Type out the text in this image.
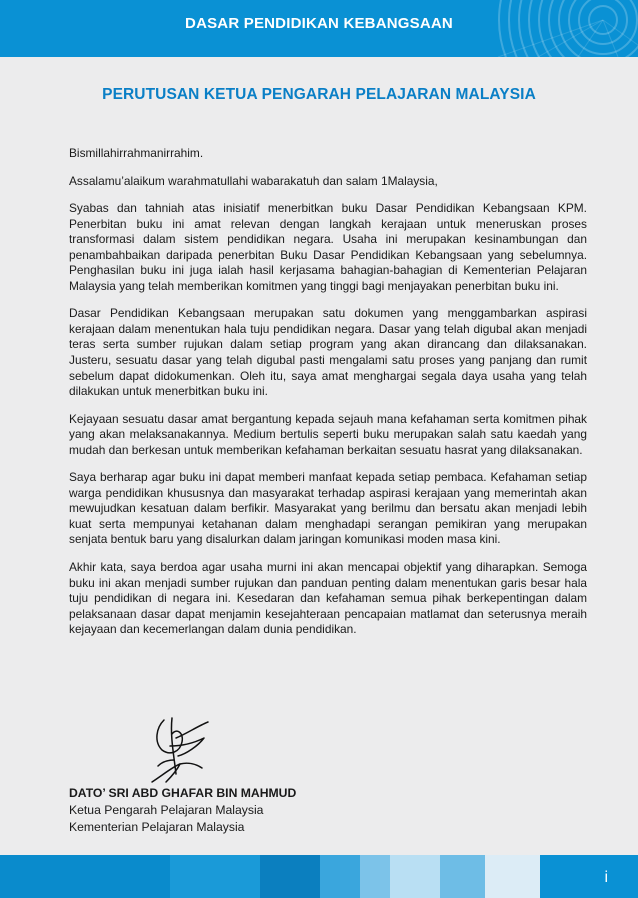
DASAR PENDIDIKAN KEBANGSAAN
PERUTUSAN KETUA PENGARAH PELAJARAN MALAYSIA

Bismillahirrahmanirrahim.

Assalamu’alaikum warahmatullahi wabarakatuh dan salam 1Malaysia,

Syabas dan tahniah atas inisiatif menerbitkan buku Dasar Pendidikan Kebangsaan KPM. Penerbitan buku ini amat relevan dengan langkah kerajaan untuk meneruskan proses transformasi dalam sistem pendidikan negara. Usaha ini merupakan kesinambungan dan penambahbaikan daripada penerbitan Buku Dasar Pendidikan Kebangsaan yang sebelumnya. Penghasilan buku ini juga ialah hasil kerjasama bahagian-bahagian di Kementerian Pelajaran Malaysia yang telah memberikan komitmen yang tinggi bagi menjayakan penerbitan buku ini.

Dasar Pendidikan Kebangsaan merupakan satu dokumen yang menggambarkan aspirasi kerajaan dalam menentukan hala tuju pendidikan negara. Dasar yang telah digubal akan menjadi teras serta sumber rujukan dalam setiap program yang akan dirancang dan dilaksanakan. Justeru, sesuatu dasar yang telah digubal pasti mengalami satu proses yang panjang dan rumit sebelum dapat didokumenkan. Oleh itu, saya amat menghargai segala daya usaha yang telah dilakukan untuk menerbitkan buku ini.

Kejayaan sesuatu dasar amat bergantung kepada sejauh mana kefahaman serta komitmen pihak yang akan melaksanakannya. Medium bertulis seperti buku merupakan salah satu kaedah yang mudah dan berkesan untuk memberikan kefahaman berkaitan sesuatu hasrat yang dilaksanakan.

Saya berharap agar buku ini dapat memberi manfaat kepada setiap pembaca. Kefahaman setiap warga pendidikan khususnya dan masyarakat terhadap aspirasi kerajaan yang memerintah akan mewujudkan kesatuan dalam berfikir. Masyarakat yang berilmu dan bersatu akan menjadi lebih kuat serta mempunyai ketahanan dalam menghadapi serangan pemikiran yang merupakan senjata bentuk baru yang disalurkan dalam jaringan komunikasi moden masa kini.

Akhir kata, saya berdoa agar usaha murni ini akan mencapai objektif yang diharapkan. Semoga buku ini akan menjadi sumber rujukan dan panduan penting dalam menentukan garis besar hala tuju pendidikan di negara ini. Kesedaran dan kefahaman semua pihak berkepentingan dalam pelaksanaan dasar dapat menjamin kesejahteraan pencapaian matlamat dan seterusnya meraih kejayaan dan kecemerlangan dalam dunia pendidikan.

DATO’ SRI ABD GHAFAR BIN MAHMUD
Ketua Pengarah Pelajaran Malaysia
Kementerian Pelajaran Malaysia
i
